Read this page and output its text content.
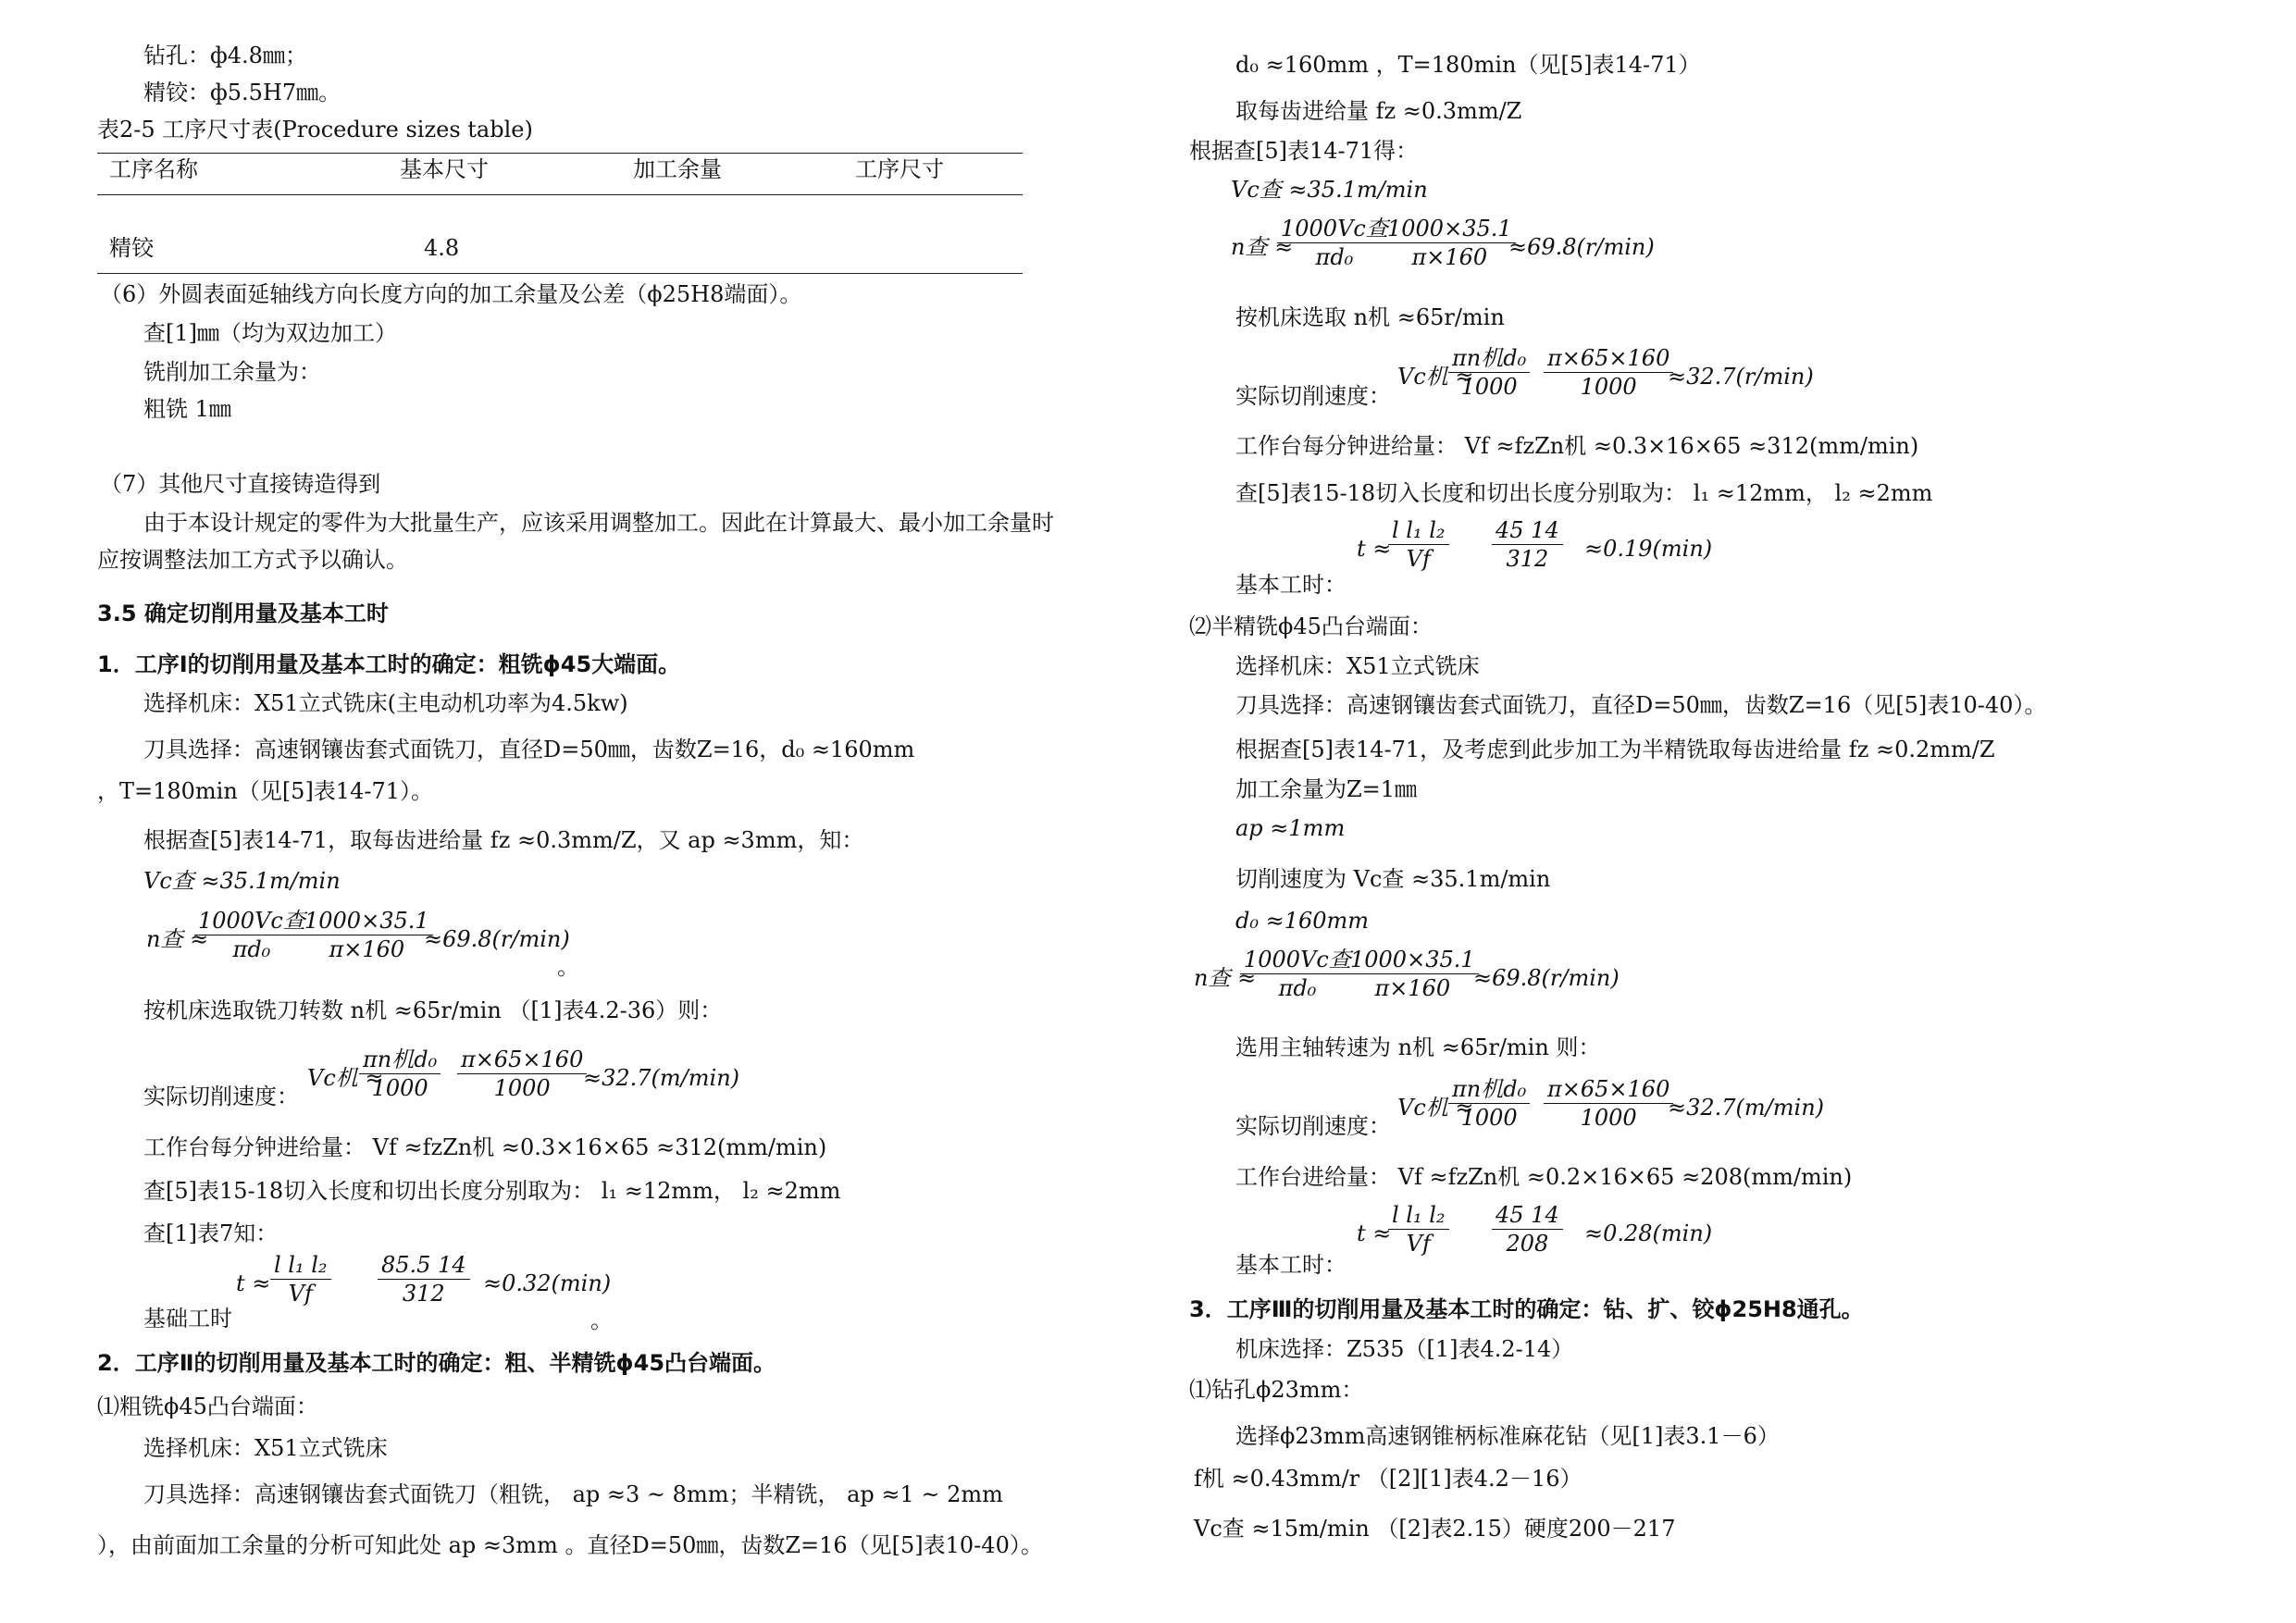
钻孔：ф4.8㎜；
精铰：ф5.5H7㎜。
表2-5 工序尺寸表(Procedure sizes table)
工序名称	基本尺寸	加工余量	工序尺寸
精铰	4.8
（6）外圆表面延轴线方向长度方向的加工余量及公差（ϕ25H8端面）。
查[1]㎜（均为双边加工）
铣削加工余量为：
粗铣 1㎜
（7）其他尺寸直接铸造得到
由于本设计规定的零件为大批量生产，应该采用调整加工。因此在计算最大、最小加工余量时
应按调整法加工方式予以确认。
3.5 确定切削用量及基本工时
1．工序Ⅰ的切削用量及基本工时的确定：粗铣ϕ45大端面。
选择机床：X51立式铣床(主电动机功率为4.5kw)
刀具选择：高速钢镶齿套式面铣刀，直径D=50㎜，齿数Z=16，d₀ ≈160mm
，T=180min（见[5]表14-71）。
根据查[5]表14-71，取每齿进给量 fz ≈0.3mm/Z，又 ap ≈3mm，知：
Vc查 ≈35.1m/min
n查 ≈
1000Vc查
πd₀	$\frac{1000\times 35.1}{\pi\times 160}$
≈69.8(r/min)
。
按机床选取铣刀转数 n机 ≈65r/min （[1]表4.2-36）则：
实际切削速度：
Vc机 ≈
πn机d₀
1000	$\frac{\pi\times 65\times 160}{1000}$
≈32.7(m/min)
工作台每分钟进给量： Vf ≈fzZn机 ≈0.3×16×65 ≈312(mm/min)
查[5]表15-18切入长度和切出长度分别取为： l₁ ≈12mm， l₂ ≈2mm
查[1]表7知：
$t \approx \frac{\text{l l₁ l₂}}{Vf} \frac{85.5 14}{312} \approx 0.32(\min)$
基础工时	。
2．工序Ⅱ的切削用量及基本工时的确定：粗、半精铣ϕ45凸台端面。
⑴粗铣ϕ45凸台端面：
选择机床：X51立式铣床
刀具选择：高速钢镶齿套式面铣刀（粗铣， ap ≈3 ~ 8mm；半精铣， ap ≈1 ~ 2mm
），由前面加工余量的分析可知此处 ap ≈3mm 。直径D=50㎜，齿数Z=16（见[5]表10-40）。
d₀ ≈160mm ，T=180min（见[5]表14-71）
取每齿进给量 fz ≈0.3mm/Z
根据查[5]表14-71得：
Vc查 ≈35.1m/min
n查 ≈
1000Vc查
πd₀	$\frac{1000\times 35.1}{\pi\times 160}$
≈69.8(r/min)
按机床选取 n机 ≈65r/min
实际切削速度：
Vc机 ≈
πn机d₀
1000	$\frac{\pi\times 65\times 160}{1000}$
≈32.7(r/min)
工作台每分钟进给量： Vf ≈fzZn机 ≈0.3×16×65 ≈312(mm/min)
查[5]表15-18切入长度和切出长度分别取为： l₁ ≈12mm， l₂ ≈2mm
t ≈
$\frac{\text{l l₁ l₂}}{Vf} \frac{45 14}{312} \approx 0.19(\min)$
基本工时：
⑵半精铣ϕ45凸台端面：
选择机床：X51立式铣床
刀具选择：高速钢镶齿套式面铣刀，直径D=50㎜，齿数Z=16（见[5]表10-40）。
根据查[5]表14-71，及考虑到此步加工为半精铣取每齿进给量 fz ≈0.2mm/Z
加工余量为Z=1㎜
ap ≈1mm
切削速度为 Vc查 ≈35.1m/min
d₀ ≈160mm
n查 ≈
1000Vc查
πd₀	$\frac{1000\times 35.1}{\pi\times 160}$
≈69.8(r/min)
选用主轴转速为 n机 ≈65r/min 则：
实际切削速度：
Vc机 ≈
πn机d₀
1000	$\frac{\pi\times 65\times 160}{1000}$
≈32.7(m/min)
工作台进给量： Vf ≈fzZn机 ≈0.2×16×65 ≈208(mm/min)
t ≈
$\frac{\text{l l₁ l₂}}{Vf} \frac{45 14}{208} \approx 0.28(\min)$
基本工时：
3．工序Ⅲ的切削用量及基本工时的确定：钻、扩、铰ϕ25H8通孔。
机床选择：Z535（[1]表4.2-14）
⑴钻孔ϕ23mm：
选择ϕ23mm高速钢锥柄标准麻花钻（见[1]表3.1－6）
f机 ≈0.43mm/r （[2][1]表4.2－16）
Vc查 ≈15m/min （[2]表2.15）硬度200－217
